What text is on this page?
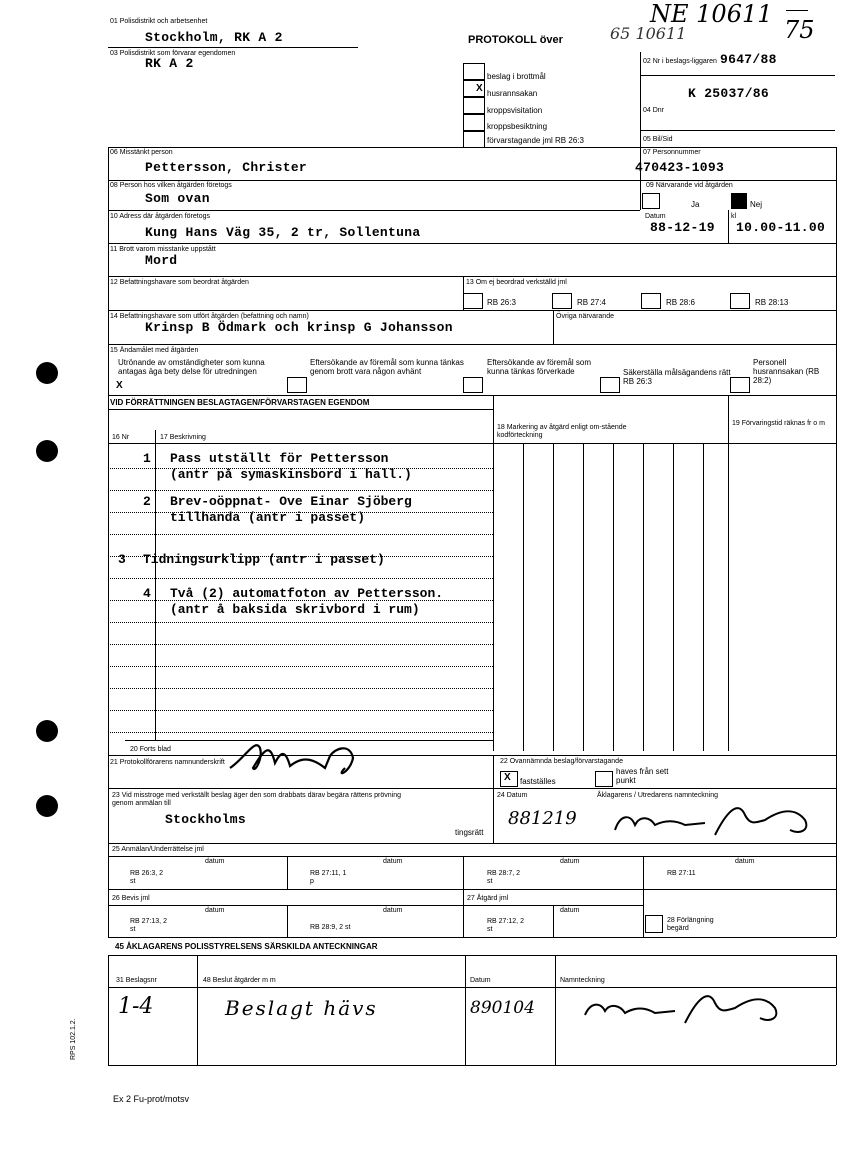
NE 10611
65 10611	75
01 Polisdistrikt och arbetsenhet
Stockholm, RK A 2
03 Polisdistrikt som förvarar egendomen
RK A 2
PROTOKOLL över
X
beslag i brottmål
husrannsakan
kroppsvisitation
kroppsbesiktning
förvarstagande jml RB 26:3
02 Nr i beslags-liggaren 9647/88
K 25037/86
04 Dnr
05 Bil/Sid
06 Misstänkt person
Pettersson, Christer
07 Personnummer
470423-1093
08 Person hos vilken åtgärden företogs
Som ovan
09 Närvarande vid åtgärden
Ja	Nej
10 Adress där åtgärden företogs
Kung Hans Väg 35, 2 tr, Sollentuna
Datum
88-12-19
kl
10.00-11.00
11 Brott varom misstanke uppstått
Mord
12 Befattningshavare som beordrat åtgärden	13 Om ej beordrad verkställd jml
RB 26:3	RB 27:4	RB 28:6	RB 28:13
14 Befattningshavare som utfört åtgärden (befattning och namn)
Krinsp B Ödmark och krinsp G Johansson
Övriga närvarande
15 Ändamålet med åtgärden
Utrönande av omständigheter som kunna antagas äga bety delse för utredningen
X
Eftersökande av föremål som kunna tänkas genom brott vara någon avhänt
Eftersökande av föremål som kunna tänkas förverkade	Säkerställa målsägandens rätt RB 26:3
Personell husrannsakan (RB 28:2)
VID FÖRRÄTTNINGEN BESLAGTAGEN/FÖRVARSTAGEN EGENDOM
18 Markering av åtgärd enligt om-stående kodförteckning
19 Förvaringstid räknas fr o m
16 Nr	17 Beskrivning
1 Pass utställt för Pettersson
(antr på symaskinsbord i hall.)
2 Brev-oöppnat- Ove Einar Sjöberg
tillhanda (antr i passet)
3 Tidningsurklipp (antr i passet)
4 Två (2) automatfoton av Pettersson.
(antr å baksida skrivbord i rum)
20 Forts blad
21 Protokollförarens namnunderskrift	22 Ovannämnda beslag/förvarstagande
X fastställes
haves från sett punkt
23 Vid misstroge med verkställt beslag äger den som drabbats därav begära rättens prövning genom anmälan till
Stockholms
tingsrätt
24 Datum
881219
Åklagarens / Utredarens namnteckning
25 Anmälan/Underrättelse jml
datum	datum	datum	datum
RB 26:3, 2 st
RB 27:11, 1 p
RB 28:7, 2 st
RB 27:11
26 Bevis jml	27 Åtgärd jml
datum	datum	datum
RB 27:13, 2 st	RB 28:9, 2 st
RB 27:12, 2 st
28 Förlängning begärd
45 ÅKLAGARENS POLISSTYRELSENS SÄRSKILDA ANTECKNINGAR
31 Beslagsnr	48 Beslut åtgärder m m	Datum	Namnteckning
1-4	Beslagt hävs	890104
RPS 102.1.2.
Ex 2 Fu-prot/motsv
